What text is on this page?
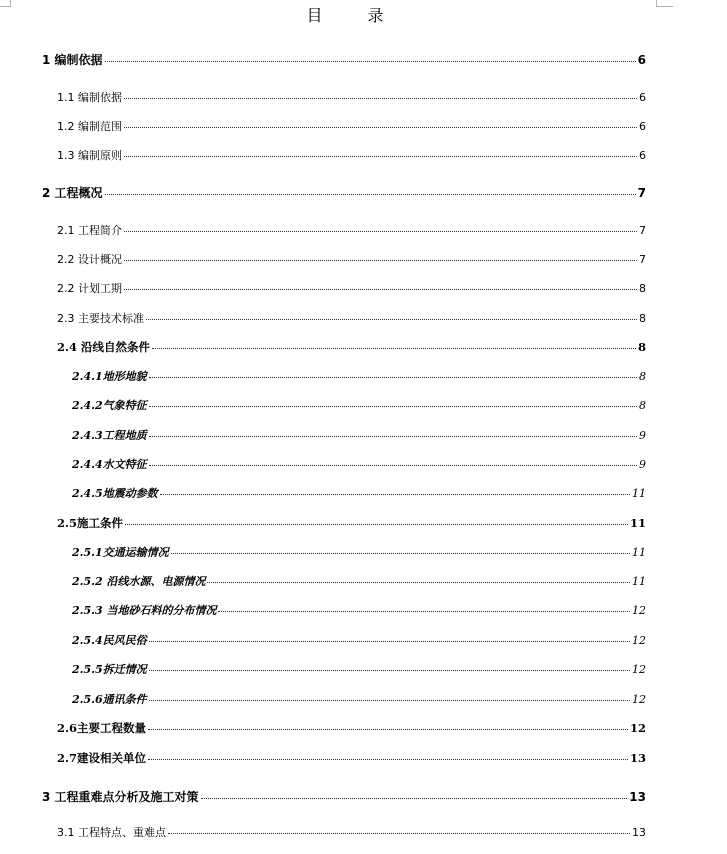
目 录
1 编制依据	6
1.1 编制依据	6
1.2 编制范围	6
1.3 编制原则	6
2 工程概况	7
2.1 工程简介	7
2.2 设计概况	7
2.2 计划工期	8
2.3 主要技术标准	8
2.4 沿线自然条件	8
2.4.1地形地貌	8
2.4.2气象特征	8
2.4.3工程地质	9
2.4.4水文特征	9
2.4.5地震动参数	11
2.5施工条件	11
2.5.1交通运输情况	11
2.5.2 沿线水源、电源情况	11
2.5.3 当地砂石料的分布情况	12
2.5.4民风民俗	12
2.5.5拆迁情况	12
2.5.6通讯条件	12
2.6主要工程数量	12
2.7建设相关单位	13
3 工程重难点分析及施工对策	13
3.1 工程特点、重难点	13
